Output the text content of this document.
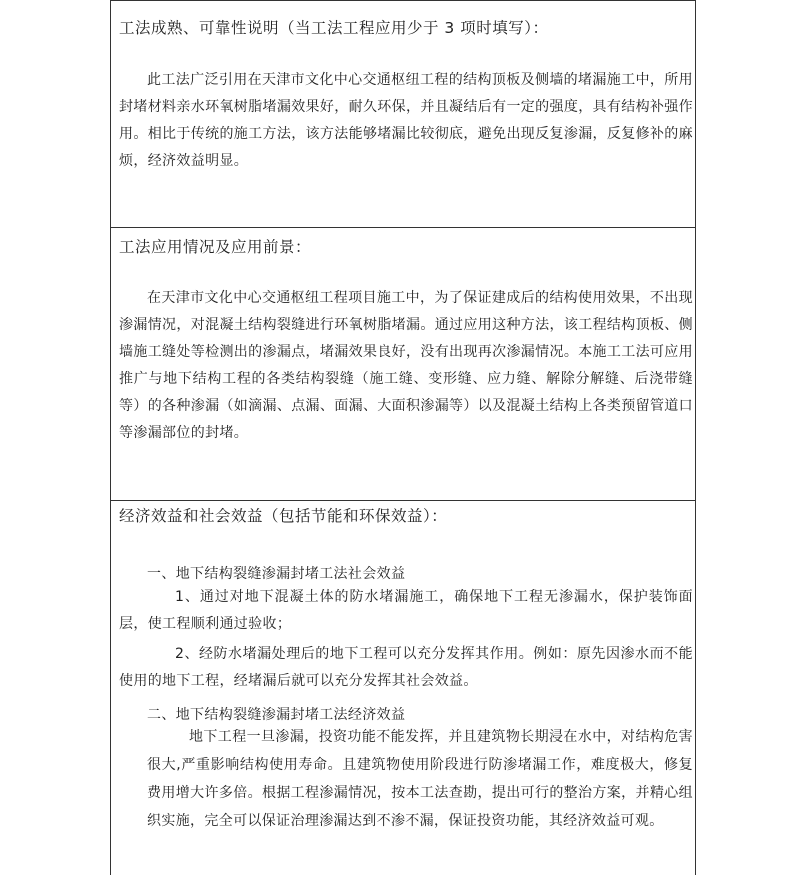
工法成熟、可靠性说明（当工法工程应用少于 3 项时填写）：

此工法广泛引用在天津市文化中心交通枢纽工程的结构顶板及侧墙的堵漏施工中，所用封堵材料亲水环氧树脂堵漏效果好，耐久环保，并且凝结后有一定的强度，具有结构补强作用。相比于传统的施工方法，该方法能够堵漏比较彻底，避免出现反复渗漏，反复修补的麻烦，经济效益明显。

工法应用情况及应用前景：

在天津市文化中心交通枢纽工程项目施工中，为了保证建成后的结构使用效果，不出现渗漏情况，对混凝土结构裂缝进行环氧树脂堵漏。通过应用这种方法，该工程结构顶板、侧墙施工缝处等检测出的渗漏点，堵漏效果良好，没有出现再次渗漏情况。本施工工法可应用推广与地下结构工程的各类结构裂缝（施工缝、变形缝、应力缝、解除分解缝、后浇带缝等）的各种渗漏（如滴漏、点漏、面漏、大面积渗漏等）以及混凝土结构上各类预留管道口等渗漏部位的封堵。

经济效益和社会效益（包括节能和环保效益）：
一、地下结构裂缝渗漏封堵工法社会效益

1、通过对地下混凝土体的防水堵漏施工，确保地下工程无渗漏水，保护装饰面层，使工程顺利通过验收；

2、经防水堵漏处理后的地下工程可以充分发挥其作用。例如：原先因渗水而不能使用的地下工程，经堵漏后就可以充分发挥其社会效益。

二、地下结构裂缝渗漏封堵工法经济效益

地下工程一旦渗漏，投资功能不能发挥，并且建筑物长期浸在水中，对结构危害很大,严重影响结构使用寿命。且建筑物使用阶段进行防渗堵漏工作，难度极大，修复费用增大许多倍。根据工程渗漏情况，按本工法查勘，提出可行的整治方案，并精心组织实施，完全可以保证治理渗漏达到不渗不漏，保证投资功能，其经济效益可观。
